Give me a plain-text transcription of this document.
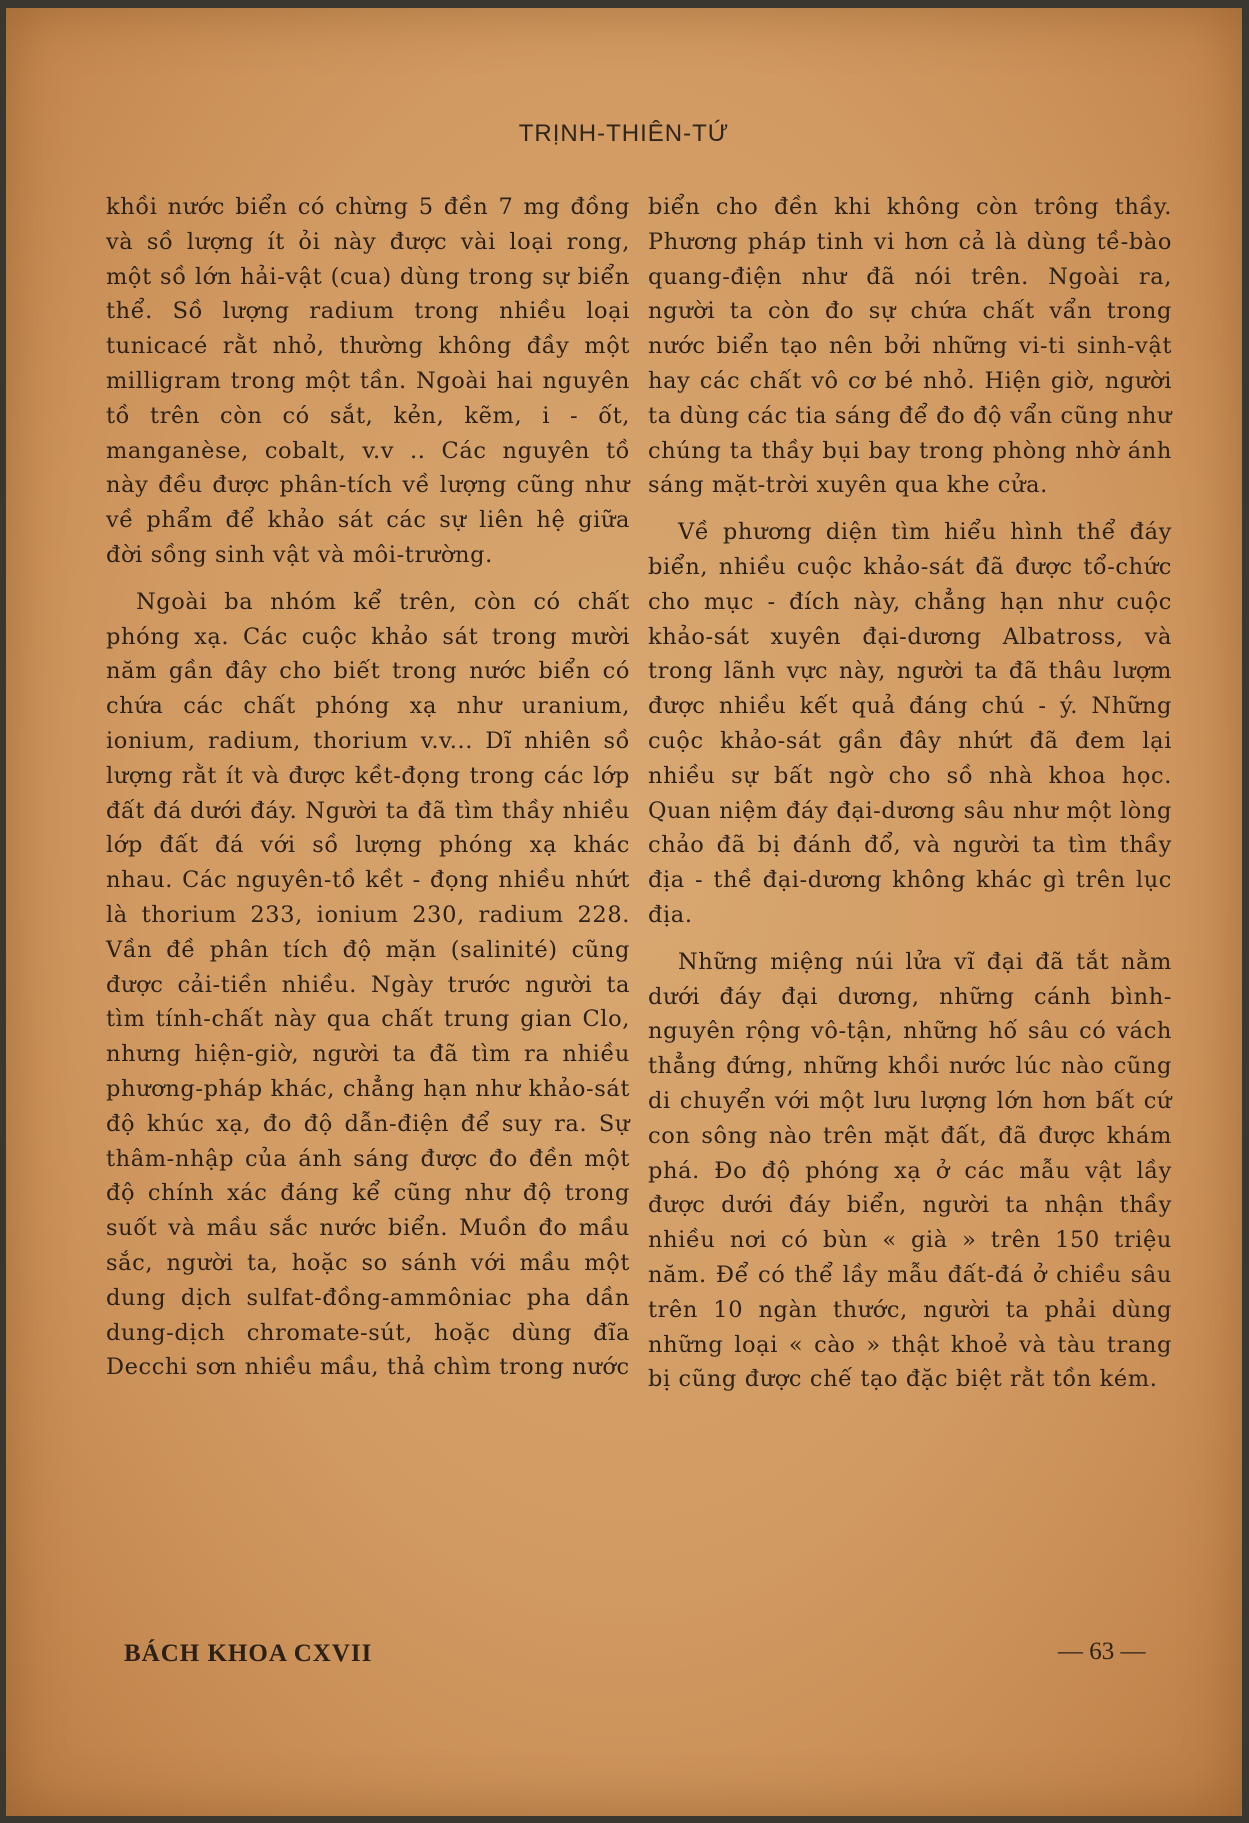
TRỊNH-THIÊN-TỨ

khồi nước biển có chừng 5 đền 7 mg đồng và sồ lượng ít ỏi này được vài loại rong, một sồ lớn hải-vật (cua) dùng trong sự biển thể. Sồ lượng radium trong nhiều loại tunicacé rằt nhỏ, thường không đầy một milligram trong một tần. Ngoài hai nguyên tồ trên còn có sắt, kẻn, kẽm, i - ốt, manganèse, cobalt, v.v .. Các nguyên tồ này đều được phân-tích về lượng cũng như về phẩm để khảo sát các sự liên hệ giữa đời sồng sinh vật và môi-trường.

Ngoài ba nhóm kể trên, còn có chất phóng xạ. Các cuộc khảo sát trong mười năm gần đây cho biết trong nước biển có chứa các chất phóng xạ như uranium, ionium, radium, thorium v.v... Dĩ nhiên sồ lượng rằt ít và được kềt-đọng trong các lớp đất đá dưới đáy. Người ta đã tìm thầy nhiều lớp đất đá với sồ lượng phóng xạ khác nhau. Các nguyên-tồ kềt - đọng nhiều nhứt là thorium 233, ionium 230, radium 228. Vần đề phân tích độ mặn (salinité) cũng được cải-tiền nhiều. Ngày trước người ta tìm tính-chất này qua chất trung gian Clo, nhưng hiện-giờ, người ta đã tìm ra nhiều phương-pháp khác, chẳng hạn như khảo-sát độ khúc xạ, đo độ dẫn-điện để suy ra. Sự thâm-nhập của ánh sáng được đo đền một độ chính xác đáng kể cũng như độ trong suốt và mầu sắc nước biển. Muồn đo mầu sắc, người ta, hoặc so sánh với mầu một dung dịch sulfat-đồng-ammôniac pha dần dung-dịch chromate-sút, hoặc dùng đĩa Decchi sơn nhiều mầu, thả chìm trong nước

biển cho đền khi không còn trông thầy. Phương pháp tinh vi hơn cả là dùng tề-bào quang-điện như đã nói trên. Ngoài ra, người ta còn đo sự chứa chất vẩn trong nước biển tạo nên bởi những vi-ti sinh-vật hay các chất vô cơ bé nhỏ. Hiện giờ, người ta dùng các tia sáng để đo độ vẩn cũng như chúng ta thầy bụi bay trong phòng nhờ ánh sáng mặt-trời xuyên qua khe cửa.

Về phương diện tìm hiểu hình thể đáy biển, nhiều cuộc khảo-sát đã được tổ-chức cho mục - đích này, chẳng hạn như cuộc khảo-sát xuyên đại-dương Albatross, và trong lãnh vực này, người ta đã thâu lượm được nhiều kết quả đáng chú - ý. Những cuộc khảo-sát gần đây nhứt đã đem lại nhiều sự bất ngờ cho sồ nhà khoa học. Quan niệm đáy đại-dương sâu như một lòng chảo đã bị đánh đổ, và người ta tìm thầy địa - thề đại-dương không khác gì trên lục địa.

Những miệng núi lửa vĩ đại đã tắt nằm dưới đáy đại dương, những cánh bình-nguyên rộng vô-tận, những hố sâu có vách thẳng đứng, những khồi nước lúc nào cũng di chuyển với một lưu lượng lớn hơn bất cứ con sông nào trên mặt đất, đã được khám phá. Đo độ phóng xạ ở các mẫu vật lầy được dưới đáy biển, người ta nhận thầy nhiều nơi có bùn « già » trên 150 triệu năm. Để có thể lầy mẫu đất-đá ở chiều sâu trên 10 ngàn thước, người ta phải dùng những loại « cào » thật khoẻ và tàu trang bị cũng được chế tạo đặc biệt rằt tồn kém.

BÁCH KHOA CXVII	— 63 —
